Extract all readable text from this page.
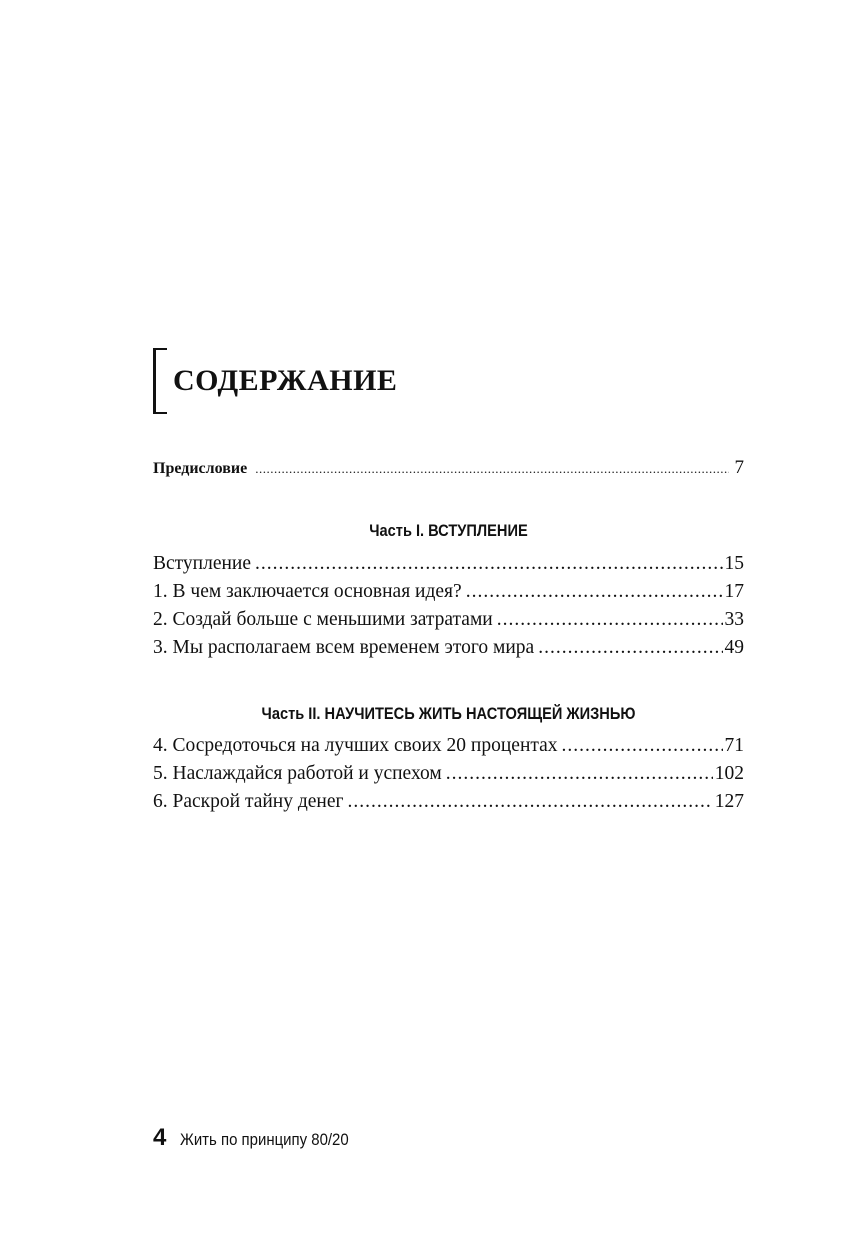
СОДЕРЖАНИЕ
Предисловие .....	7
Часть I. ВСТУПЛЕНИЕ
Вступление .....	15
1. В чем заключается основная идея? .....	17
2. Создай больше с меньшими затратами .....	33
3. Мы располагаем всем временем этого мира .....	49
Часть II. НАУЧИТЕСЬ ЖИТЬ НАСТОЯЩЕЙ ЖИЗНЬЮ
4. Сосредоточься на лучших своих 20 процентах .....	71
5. Наслаждайся работой и успехом .....	102
6. Раскрой тайну денег .....	127
4 Жить по принципу 80/20
